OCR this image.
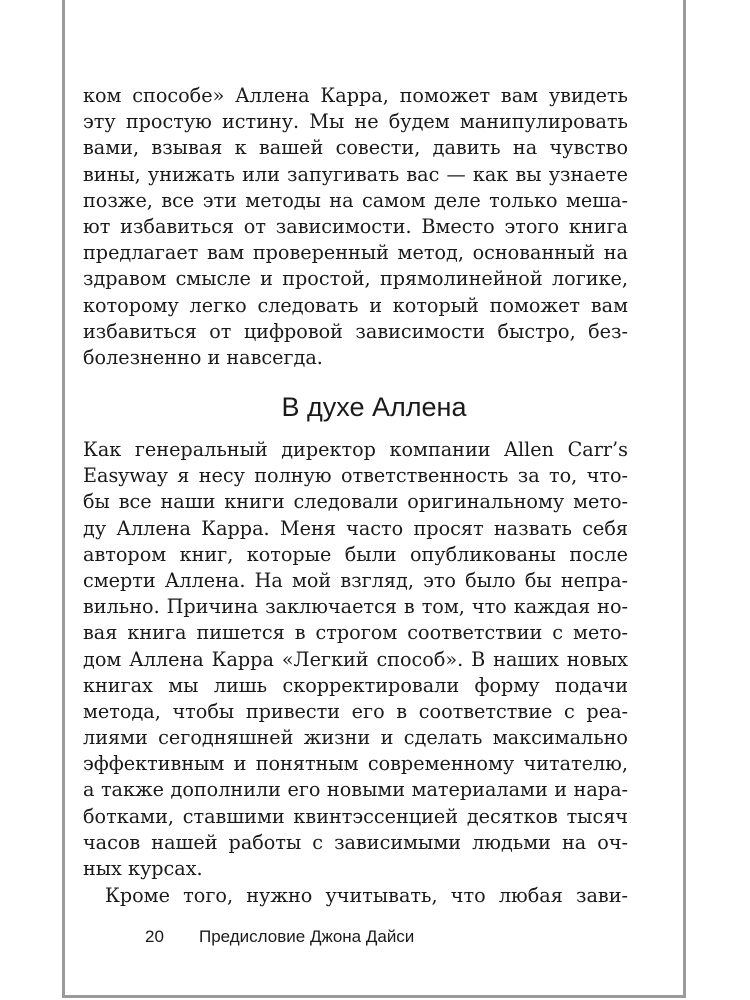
ком способе» Аллена Карра, поможет вам увидеть
эту простую истину. Мы не будем манипулировать
вами, взывая к вашей совести, давить на чувство
вины, унижать или запугивать вас — как вы узнаете
позже, все эти методы на самом деле только меша-
ют избавиться от зависимости. Вместо этого книга
предлагает вам проверенный метод, основанный на
здравом смысле и простой, прямолинейной логике,
которому легко следовать и который поможет вам
избавиться от цифровой зависимости быстро, без-
болезненно и навсегда.
В духе Аллена
Как генеральный директор компании Allen Carr’s
Easyway я несу полную ответственность за то, что-
бы все наши книги следовали оригинальному мето-
ду Аллена Карра. Меня часто просят назвать себя
автором книг, которые были опубликованы после
смерти Аллена. На мой взгляд, это было бы непра-
вильно. Причина заключается в том, что каждая но-
вая книга пишется в строгом соответствии с мето-
дом Аллена Карра «Легкий способ». В наших новых
книгах мы лишь скорректировали форму подачи
метода, чтобы привести его в соответствие с реа-
лиями сегодняшней жизни и сделать максимально
эффективным и понятным современному читателю,
а также дополнили его новыми материалами и нара-
ботками, ставшими квинтэссенцией десятков тысяч
часов нашей работы с зависимыми людьми на оч-
ных курсах.
Кроме того, нужно учитывать, что любая зави-
20 Предисловие Джона Дайси
